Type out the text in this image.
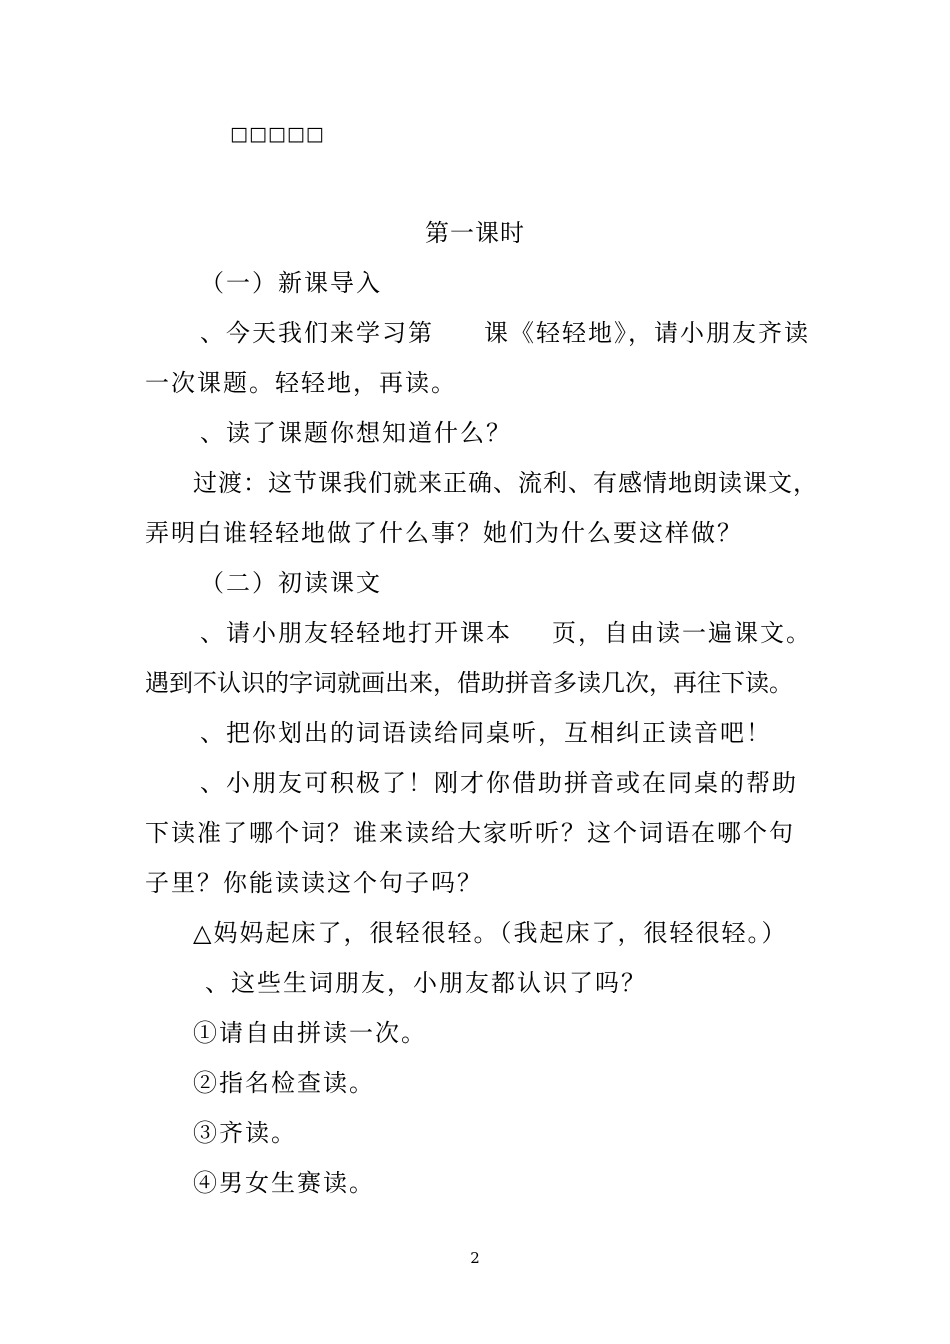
□□□□□
第一课时
（一）新课导入
、今天我们来学习第 课《轻轻地》，请小朋友齐读
一次课题。轻轻地，再读。
、读了课题你想知道什么？
过渡：这节课我们就来正确、流利、有感情地朗读课文，
弄明白谁轻轻地做了什么事？她们为什么要这样做？
（二）初读课文
、请小朋友轻轻地打开课本 页，自由读一遍课文。
遇到不认识的字词就画出来，借助拼音多读几次，再往下读。
、把你划出的词语读给同桌听，互相纠正读音吧！
、小朋友可积极了！刚才你借助拼音或在同桌的帮助
下读准了哪个词？谁来读给大家听听？这个词语在哪个句
子里？你能读读这个句子吗？
△妈妈起床了，很轻很轻。（我起床了，很轻很轻。）
、这些生词朋友，小朋友都认识了吗？
①请自由拼读一次。
②指名检查读。
③齐读。
④男女生赛读。
2
